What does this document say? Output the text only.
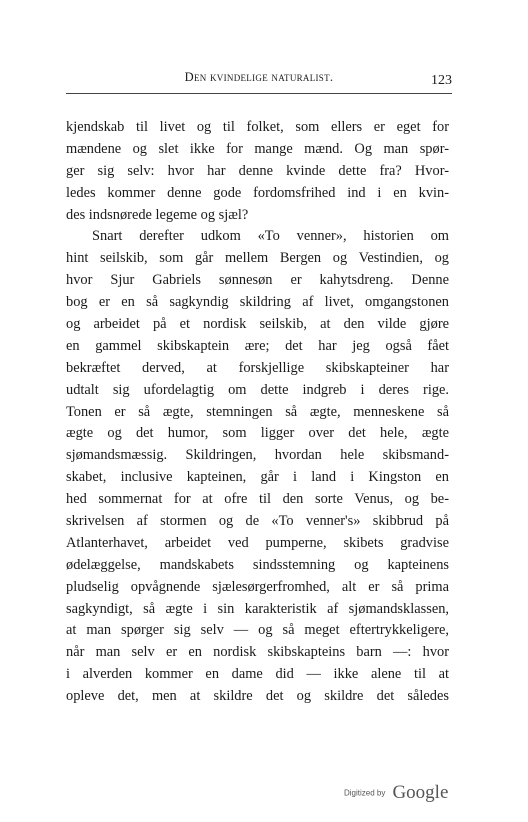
Den kvindelige naturalist.	123
kjendskab til livet og til folket, som ellers er eget for
mændene og slet ikke for mange mænd. Og man spør-
ger sig selv: hvor har denne kvinde dette fra? Hvor-
ledes kommer denne gode fordomsfrihed ind i en kvin-
des indsnørede legeme og sjæl?
Snart derefter udkom «To venner», historien om
hint seilskib, som går mellem Bergen og Vestindien, og
hvor Sjur Gabriels sønnesøn er kahytsdreng. Denne
bog er en så sagkyndig skildring af livet, omgangstonen
og arbeidet på et nordisk seilskib, at den vilde gjøre
en gammel skibskaptein ære; det har jeg også fået
bekræftet derved, at forskjellige skibskapteiner har
udtalt sig ufordelagtig om dette indgreb i deres rige.
Tonen er så ægte, stemningen så ægte, menneskene så
ægte og det humor, som ligger over det hele, ægte
sjømandsmæssig. Skildringen, hvordan hele skibsmand-
skabet, inclusive kapteinen, går i land i Kingston en
hed sommernat for at ofre til den sorte Venus, og be-
skrivelsen af stormen og de «To venner's» skibbrud på
Atlanterhavet, arbeidet ved pumperne, skibets gradvise
ødelæggelse, mandskabets sindsstemning og kapteinens
pludselig opvågnende sjælesørgerfromhed, alt er så prima
sagkyndigt, så ægte i sin karakteristik af sjømandsklassen,
at man spørger sig selv — og så meget eftertrykkeligere,
når man selv er en nordisk skibskapteins barn —: hvor
i alverden kommer en dame did — ikke alene til at
opleve det, men at skildre det og skildre det således
Digitized by Google
